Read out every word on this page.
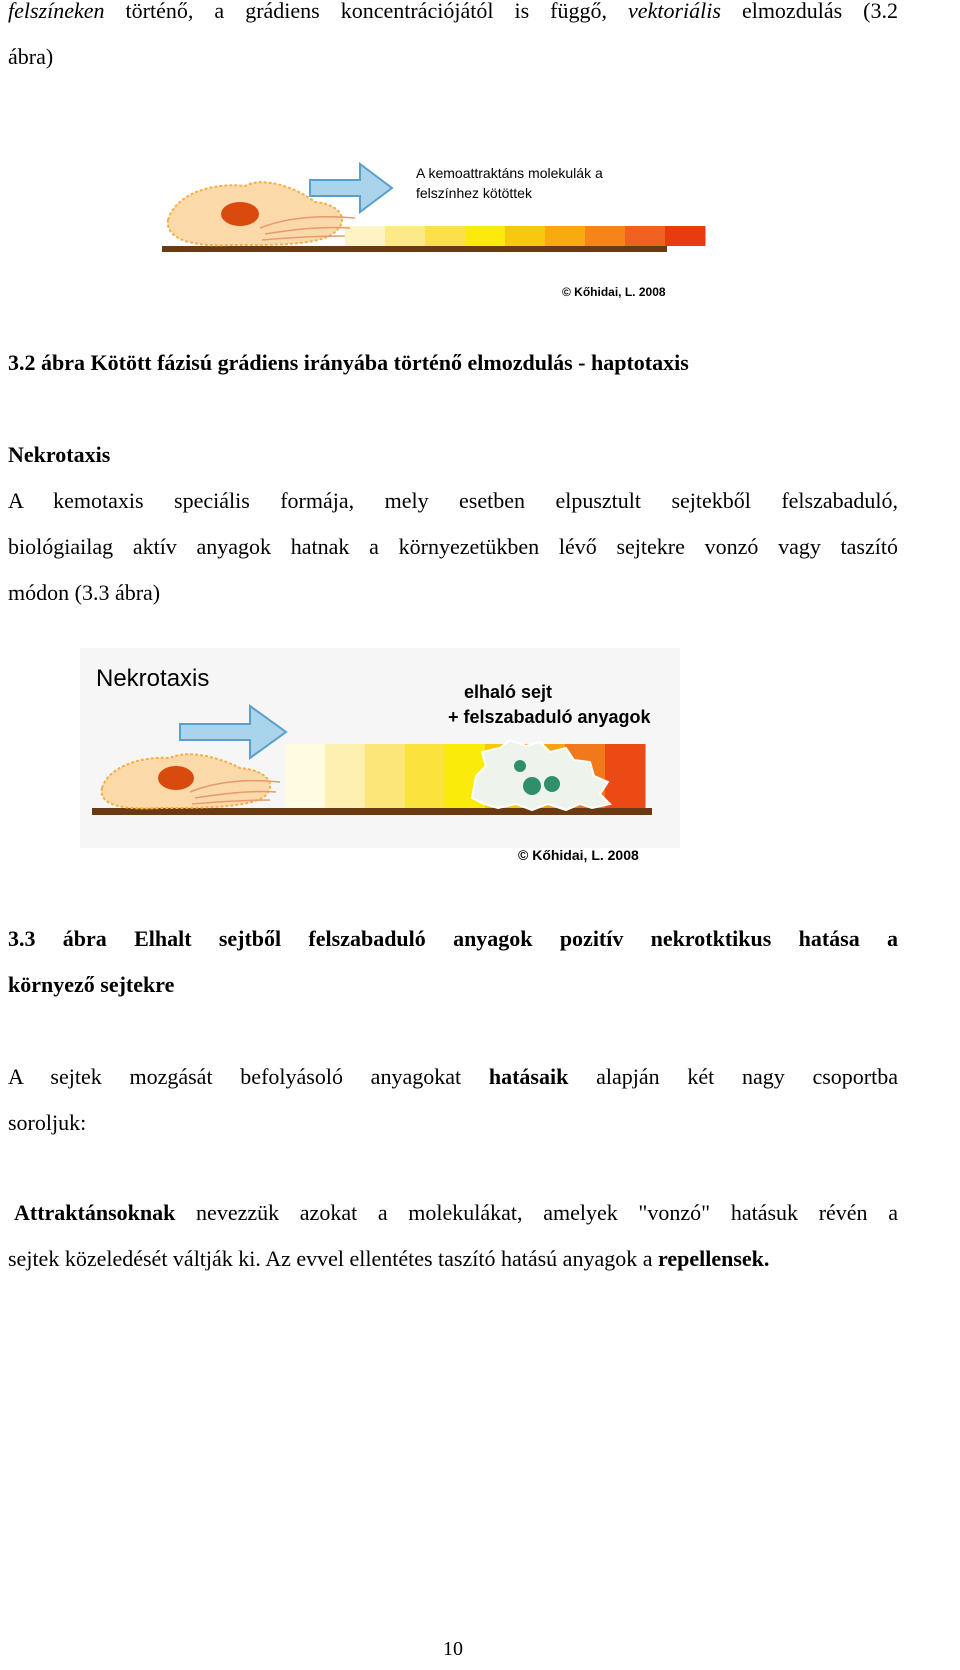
felszíneken történő, a grádiens koncentrációjától is függő, vektoriális elmozdulás (3.2
ábra)
A kemoattraktáns molekulák a
felszínhez kötöttek
© Kőhidai, L. 2008
3.2 ábra Kötött fázisú grádiens irányába történő elmozdulás - haptotaxis
Nekrotaxis
A kemotaxis speciális formája, mely esetben elpusztult sejtekből felszabaduló,
biológiailag aktív anyagok hatnak a környezetükben lévő sejtekre vonzó vagy taszító
módon (3.3 ábra)
Nekrotaxis	elhaló sejt
+ felszabaduló anyagok
© Kőhidai, L. 2008
3.3 ábra Elhalt sejtből felszabaduló anyagok pozitív nekrotktikus hatása a
környező sejtekre
A sejtek mozgását befolyásoló anyagokat hatásaik alapján két nagy csoportba
soroljuk:
Attraktánsoknak nevezzük azokat a molekulákat, amelyek "vonzó" hatásuk révén a
sejtek közeledését váltják ki. Az evvel ellentétes taszító hatású anyagok a repellensek.
10
